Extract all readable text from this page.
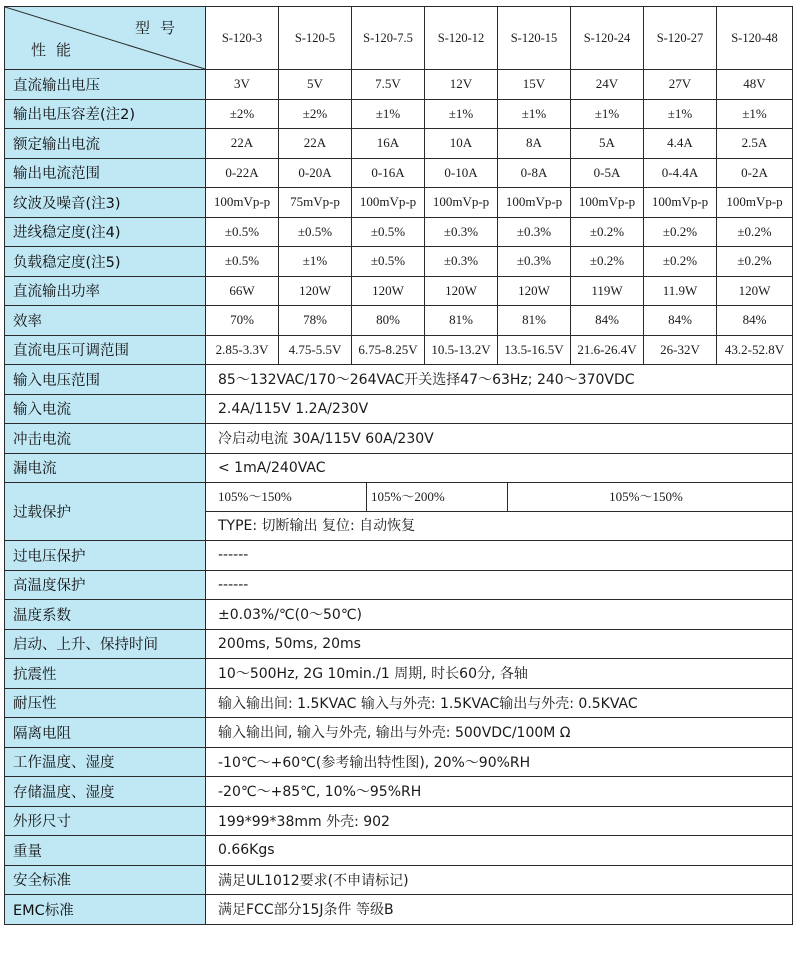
型号
性能	S-120-3	S-120-5	S-120-7.5	S-120-12	S-120-15	S-120-24	S-120-27	S-120-48
直流输出电压	3V	5V	7.5V	12V	15V	24V	27V	48V
输出电压容差(注2)	±2%	±2%	±1%	±1%	±1%	±1%	±1%	±1%
额定输出电流	22A	22A	16A	10A	8A	5A	4.4A	2.5A
输出电流范围	0-22A	0-20A	0-16A	0-10A	0-8A	0-5A	0-4.4A	0-2A
纹波及噪音(注3)	100mVp-p	75mVp-p	100mVp-p	100mVp-p	100mVp-p	100mVp-p	100mVp-p	100mVp-p
进线稳定度(注4)	±0.5%	±0.5%	±0.5%	±0.3%	±0.3%	±0.2%	±0.2%	±0.2%
负载稳定度(注5)	±0.5%	±1%	±0.5%	±0.3%	±0.3%	±0.2%	±0.2%	±0.2%
直流输出功率	66W	120W	120W	120W	120W	119W	11.9W	120W
效率	70%	78%	80%	81%	81%	84%	84%	84%
直流电压可调范围	2.85-3.3V	4.75-5.5V	6.75-8.25V	10.5-13.2V	13.5-16.5V	21.6-26.4V	26-32V	43.2-52.8V
输入电压范围	85～132VAC/170～264VAC开关选择47～63Hz; 240～370VDC							
输入电流	2.4A/115V 1.2A/230V							
冲击电流	冷启动电流 30A/115V 60A/230V							
漏电流	< 1mA/240VAC							
过载保护	105%～150% 105%～200% 105%～150%
TYPE: 切断输出 复位: 自动恢复							

过电压保护	------							
高温度保护	------							
温度系数	±0.03%/℃(0～50℃)							
启动、上升、保持时间	200ms, 50ms, 20ms							
抗震性	10～500Hz, 2G 10min./1 周期, 时长60分, 各轴							
耐压性	输入输出间: 1.5KVAC 输入与外壳: 1.5KVAC输出与外壳: 0.5KVAC							
隔离电阻	输入输出间, 输入与外壳, 输出与外壳: 500VDC/100M Ω							
工作温度、湿度	-10℃～+60℃(参考输出特性图), 20%～90%RH							
存储温度、湿度	-20℃～+85℃, 10%～95%RH							
外形尺寸	199*99*38mm 外壳: 902							
重量	0.66Kgs							
安全标准	满足UL1012要求(不申请标记)							
EMC标准	满足FCC部分15J条件 等级B							
